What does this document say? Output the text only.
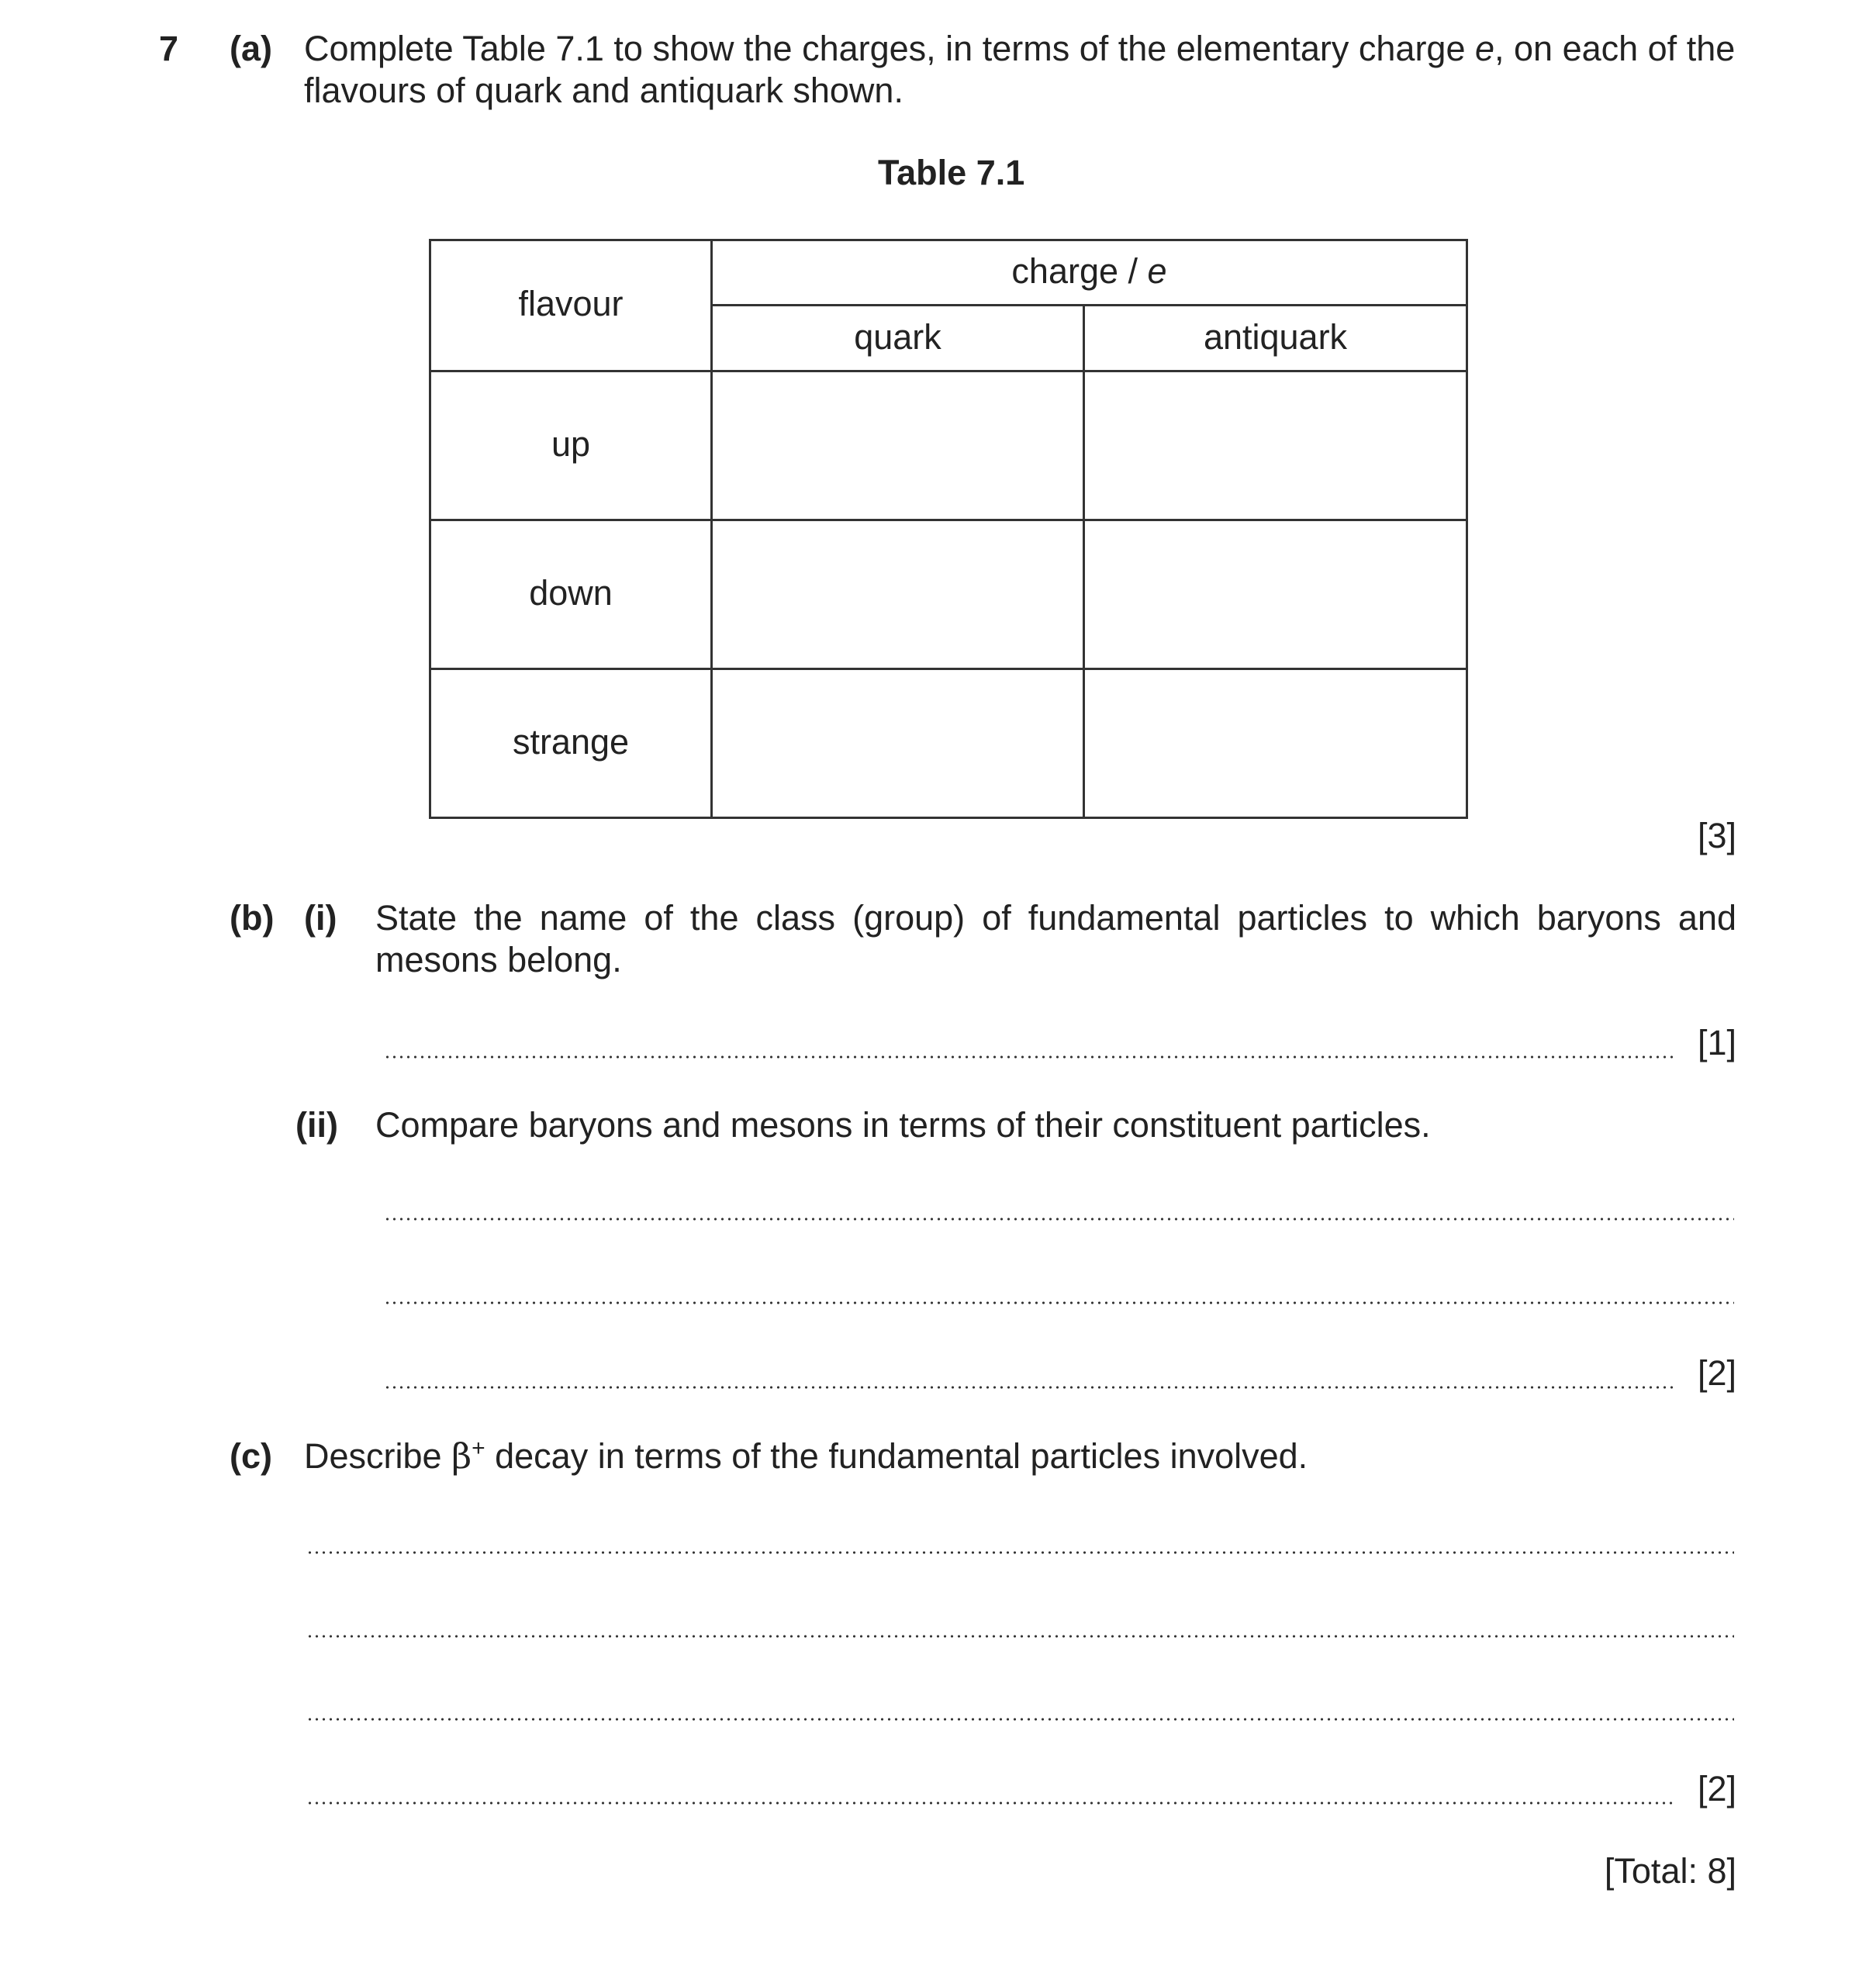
7 (a) Complete Table 7.1 to show the charges, in terms of the elementary charge e, on each of the flavours of quark and antiquark shown.
Table 7.1
flavour
charge / e
quark	antiquark
up
down
strange
[3]
(b) (i) State the name of the class (group) of fundamental particles to which baryons and mesons belong.
[1]
(ii) Compare baryons and mesons in terms of their constituent particles.
[2]
(c) Describe β+ decay in terms of the fundamental particles involved.
[2]
[Total: 8]
